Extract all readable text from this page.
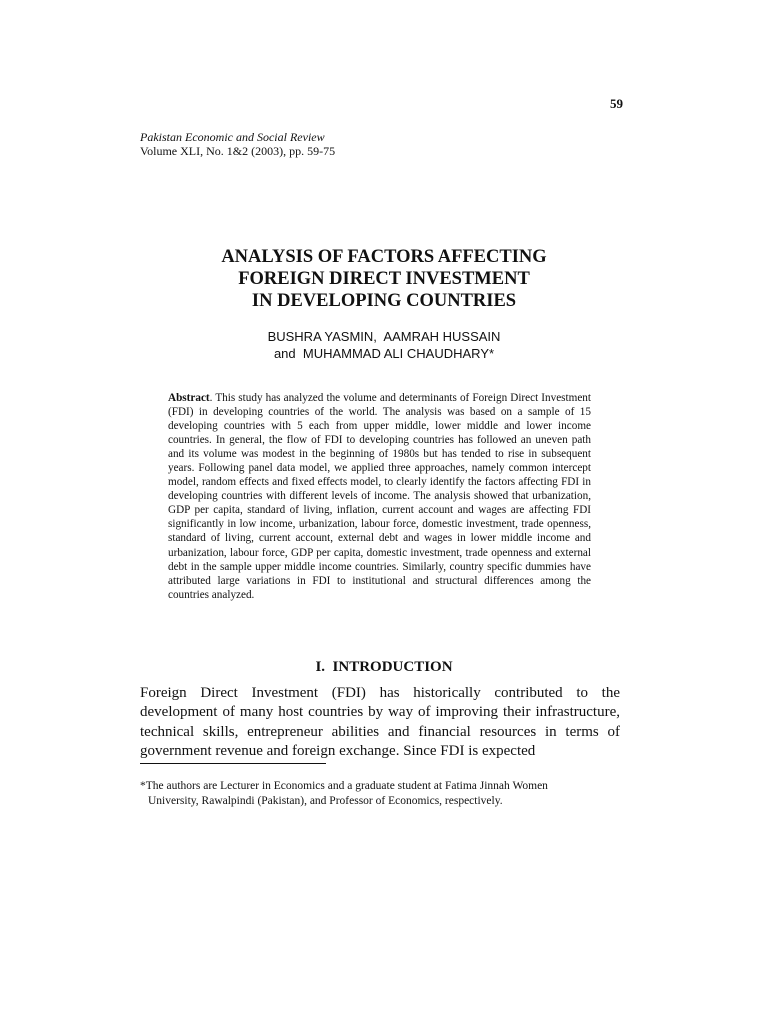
59
Pakistan Economic and Social Review
Volume XLI, No. 1&2 (2003), pp. 59-75
ANALYSIS OF FACTORS AFFECTING
FOREIGN DIRECT INVESTMENT
IN DEVELOPING COUNTRIES
BUSHRA YASMIN,  AAMRAH HUSSAIN
and  MUHAMMAD ALI CHAUDHARY*
Abstract. This study has analyzed the volume and determinants of Foreign Direct Investment (FDI) in developing countries of the world. The analysis was based on a sample of 15 developing countries with 5 each from upper middle, lower middle and lower income countries. In general, the flow of FDI to developing countries has followed an uneven path and its volume was modest in the beginning of 1980s but has tended to rise in subsequent years. Following panel data model, we applied three approaches, namely common intercept model, random effects and fixed effects model, to clearly identify the factors affecting FDI in developing countries with different levels of income. The analysis showed that urbanization, GDP per capita, standard of living, inflation, current account and wages are affecting FDI significantly in low income, urbanization, labour force, domestic investment, trade openness, standard of living, current account, external debt and wages in lower middle income and urbanization, labour force, GDP per capita, domestic investment, trade openness and external debt in the sample upper middle income countries. Similarly, country specific dummies have attributed large variations in FDI to institutional and structural differences among the countries analyzed.
I.  INTRODUCTION
Foreign Direct Investment (FDI) has historically contributed to the development of many host countries by way of improving their infrastructure, technical skills, entrepreneur abilities and financial resources in terms of government revenue and foreign exchange. Since FDI is expected
*The authors are Lecturer in Economics and a graduate student at Fatima Jinnah Women
University, Rawalpindi (Pakistan), and Professor of Economics, respectively.
